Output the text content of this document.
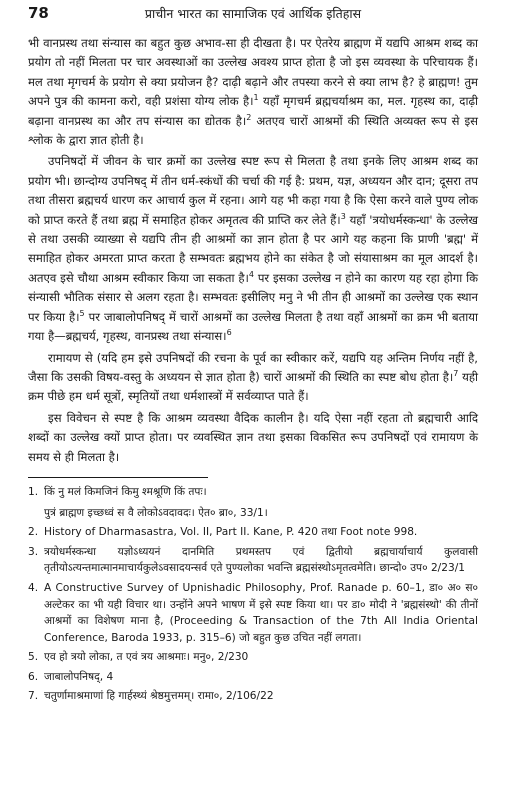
78	प्राचीन भारत का सामाजिक एवं आर्थिक इतिहास

भी वानप्रस्थ तथा संन्यास का बहुत कुछ अभाव-सा ही दीखता है। पर ऐतरेय ब्राह्मण में यद्यपि आश्रम शब्द का प्रयोग तो नहीं मिलता पर चार अवस्थाओं का उल्लेख अवश्य प्राप्त होता है जो इस व्यवस्था के परिचायक हैं। मल तथा मृगचर्म के प्रयोग से क्या प्रयोजन है? दाढ़ी बढ़ाने और तपस्या करने से क्या लाभ है? हे ब्राह्मण! तुम अपने पुत्र की कामना करो, वही प्रशंसा योग्य लोक है।$^1$ यहाँ मृगचर्म ब्रह्मचर्याश्रम का, मल. गृहस्थ का, दाढ़ी बढ़ाना वानप्रस्थ का और तप संन्यास का द्योतक है।$^2$ अतएव चारों आश्रमों की स्थिति अव्यक्त रूप से इस श्लोक के द्वारा ज्ञात होती है।

उपनिषदों में जीवन के चार क्रमों का उल्लेख स्पष्ट रूप से मिलता है तथा इनके लिए आश्रम शब्द का प्रयोग भी। छान्दोग्य उपनिषद् में तीन धर्म-स्कंधों की चर्चा की गई है: प्रथम, यज्ञ, अध्ययन और दान; दूसरा तप तथा तीसरा ब्रह्मचर्य धारण कर आचार्य कुल में रहना। आगे यह भी कहा गया है कि ऐसा करने वाले पुण्य लोक को प्राप्त करते हैं तथा ब्रह्म में समाहित होकर अमृतत्व की प्राप्ति कर लेते हैं।$^3$ यहाँ 'त्रयोधर्मस्कन्धा' के उल्लेख से तथा उसकी व्याख्या से यद्यपि तीन ही आश्रमों का ज्ञान होता है पर आगे यह कहना कि प्राणी 'ब्रह्म' में समाहित होकर अमरता प्राप्त करता है सम्भवतः ब्रह्मभय होने का संकेत है जो संयासाश्रम का मूल आदर्श है। अतएव इसे चौथा आश्रम स्वीकार किया जा सकता है।$^4$ पर इसका उल्लेख न होने का कारण यह रहा होगा कि संन्यासी भौतिक संसार से अलग रहता है। सम्भवतः इसीलिए मनु ने भी तीन ही आश्रमों का उल्लेख एक स्थान पर किया है।$^5$ पर जाबालोपनिषद् में चारों आश्रमों का उल्लेख मिलता है तथा वहाँ आश्रमों का क्रम भी बताया गया है—ब्रह्मचर्य, गृहस्थ, वानप्रस्थ तथा संन्यास।$^6$

रामायण से (यदि हम इसे उपनिषदों की रचना के पूर्व का स्वीकार करें, यद्यपि यह अन्तिम निर्णय नहीं है, जैसा कि उसकी विषय-वस्तु के अध्ययन से ज्ञात होता है) चारों आश्रमों की स्थिति का स्पष्ट बोध होता है।$^7$ यही क्रम पीछे हम धर्म सूत्रों, स्मृतियों तथा धर्मशास्त्रों में सर्वव्याप्त पाते हैं।

इस विवेचन से स्पष्ट है कि आश्रम व्यवस्था वैदिक कालीन है। यदि ऐसा नहीं रहता तो ब्रह्मचारी आदि शब्दों का उल्लेख क्यों प्राप्त होता। पर व्यवस्थित ज्ञान तथा इसका विकसित रूप उपनिषदों एवं रामायण के समय से ही मिलता है।

1. किं नु मलं किमजिनं किमु श्मश्रूणि किं तपः।
पुत्रं ब्राह्मण इच्छध्वं स वै लोकोऽवदावदः। ऐत० ब्रा०, 33/1।
2. History of Dharmasastra, Vol. II, Part II. Kane, P. 420 तथा Foot note 998.
3. त्रयोधर्मस्कन्धा यज्ञोऽध्ययनं दानमिति प्रथमस्तप एवं द्वितीयो ब्रह्मचार्याचार्य कुलवासी तृतीयोऽत्यन्तमात्मानमाचार्यकुलेऽवसादयन्सर्व एते पुण्यलोका भवन्ति ब्रह्मसंस्थोऽमृतत्वमेति। छान्दो० उप० 2/23/1
4. A Constructive Survey of Upnishadic Philosophy, Prof. Ranade p. 60–1, डा० अ० स० अल्टेकर का भी यही विचार था। उन्होंने अपने भाषण में इसे स्पष्ट किया था। पर डा० मोदी ने 'ब्रह्मसंस्थो' की तीनों आश्रमों का विशेषण माना है, (Proceeding & Transaction of the 7th All India Oriental Conference, Baroda 1933, p. 315–6) जो बहुत कुछ उचित नहीं लगता।
5. एव हो त्रयो लोका, त एवं त्रय आश्रमाः। मनु०, 2/230
6. जाबालोपनिषद्, 4
7. चतुर्णामाश्रमाणां हि गार्हस्थ्यं श्रेष्ठमुत्तमम्। रामा०, 2/106/22
